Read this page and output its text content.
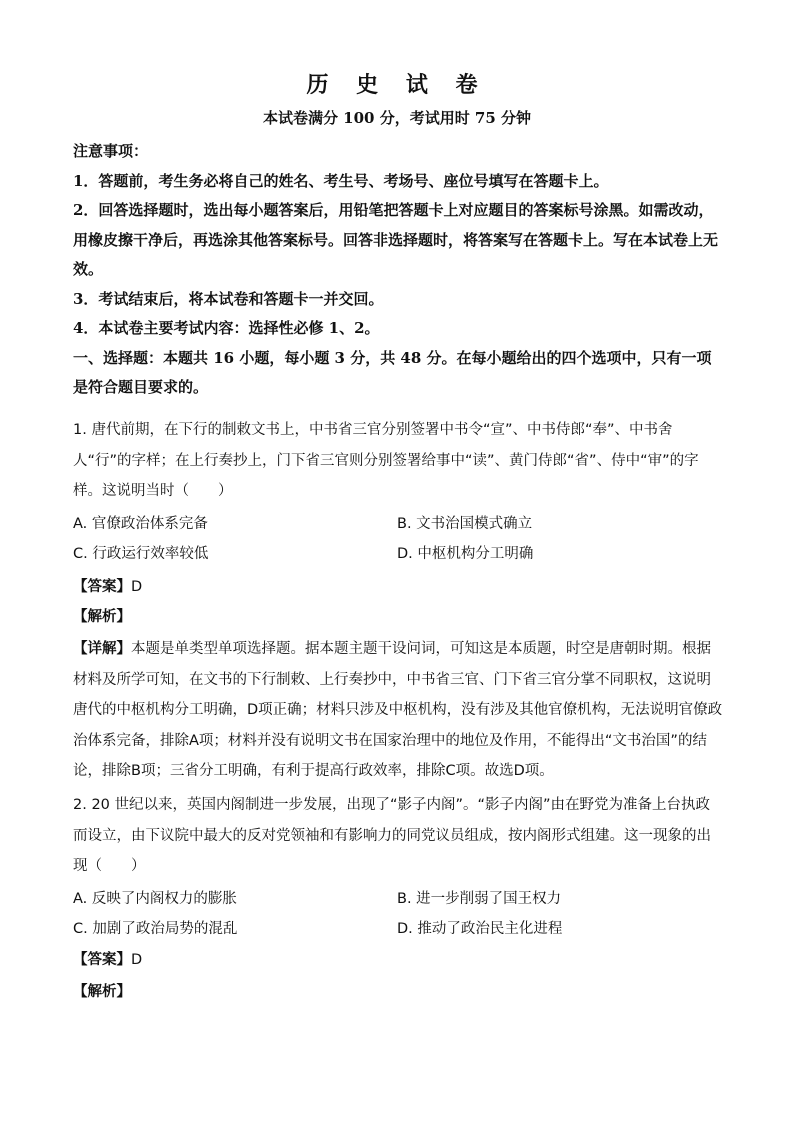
历 史 试 卷
本试卷满分 100 分，考试用时 75 分钟

注意事项：

1．答题前，考生务必将自己的姓名、考生号、考场号、座位号填写在答题卡上。

2．回答选择题时，选出每小题答案后，用铅笔把答题卡上对应题目的答案标号涂黑。如需改动，用橡皮擦干净后，再选涂其他答案标号。回答非选择题时，将答案写在答题卡上。写在本试卷上无效。

3．考试结束后，将本试卷和答题卡一并交回。

4．本试卷主要考试内容：选择性必修 1、2。

一、选择题：本题共 16 小题，每小题 3 分，共 48 分。在每小题给出的四个选项中，只有一项是符合题目要求的。

1. 唐代前期，在下行的制敕文书上，中书省三官分别签署中书令“宣”、中书侍郎“奉”、中书舍人“行”的字样；在上行奏抄上，门下省三官则分别签署给事中“读”、黄门侍郎“省”、侍中“审”的字样。这说明当时（　　）

A. 官僚政治体系完备	B. 文书治国模式确立
C. 行政运行效率较低	D. 中枢机构分工明确
【答案】D
【解析】

【详解】本题是单类型单项选择题。据本题主题干设问词，可知这是本质题，时空是唐朝时期。根据材料及所学可知，在文书的下行制敕、上行奏抄中，中书省三官、门下省三官分掌不同职权，这说明唐代的中枢机构分工明确，D项正确；材料只涉及中枢机构，没有涉及其他官僚机构，无法说明官僚政治体系完备，排除A项；材料并没有说明文书在国家治理中的地位及作用，不能得出“文书治国”的结论，排除B项；三省分工明确，有利于提高行政效率，排除C项。故选D项。

2. 20 世纪以来，英国内阁制进一步发展，出现了“影子内阁”。“影子内阁”由在野党为准备上台执政而设立，由下议院中最大的反对党领袖和有影响力的同党议员组成，按内阁形式组建。这一现象的出现（　　）

A. 反映了内阁权力的膨胀	B. 进一步削弱了国王权力
C. 加剧了政治局势的混乱	D. 推动了政治民主化进程
【答案】D
【解析】
